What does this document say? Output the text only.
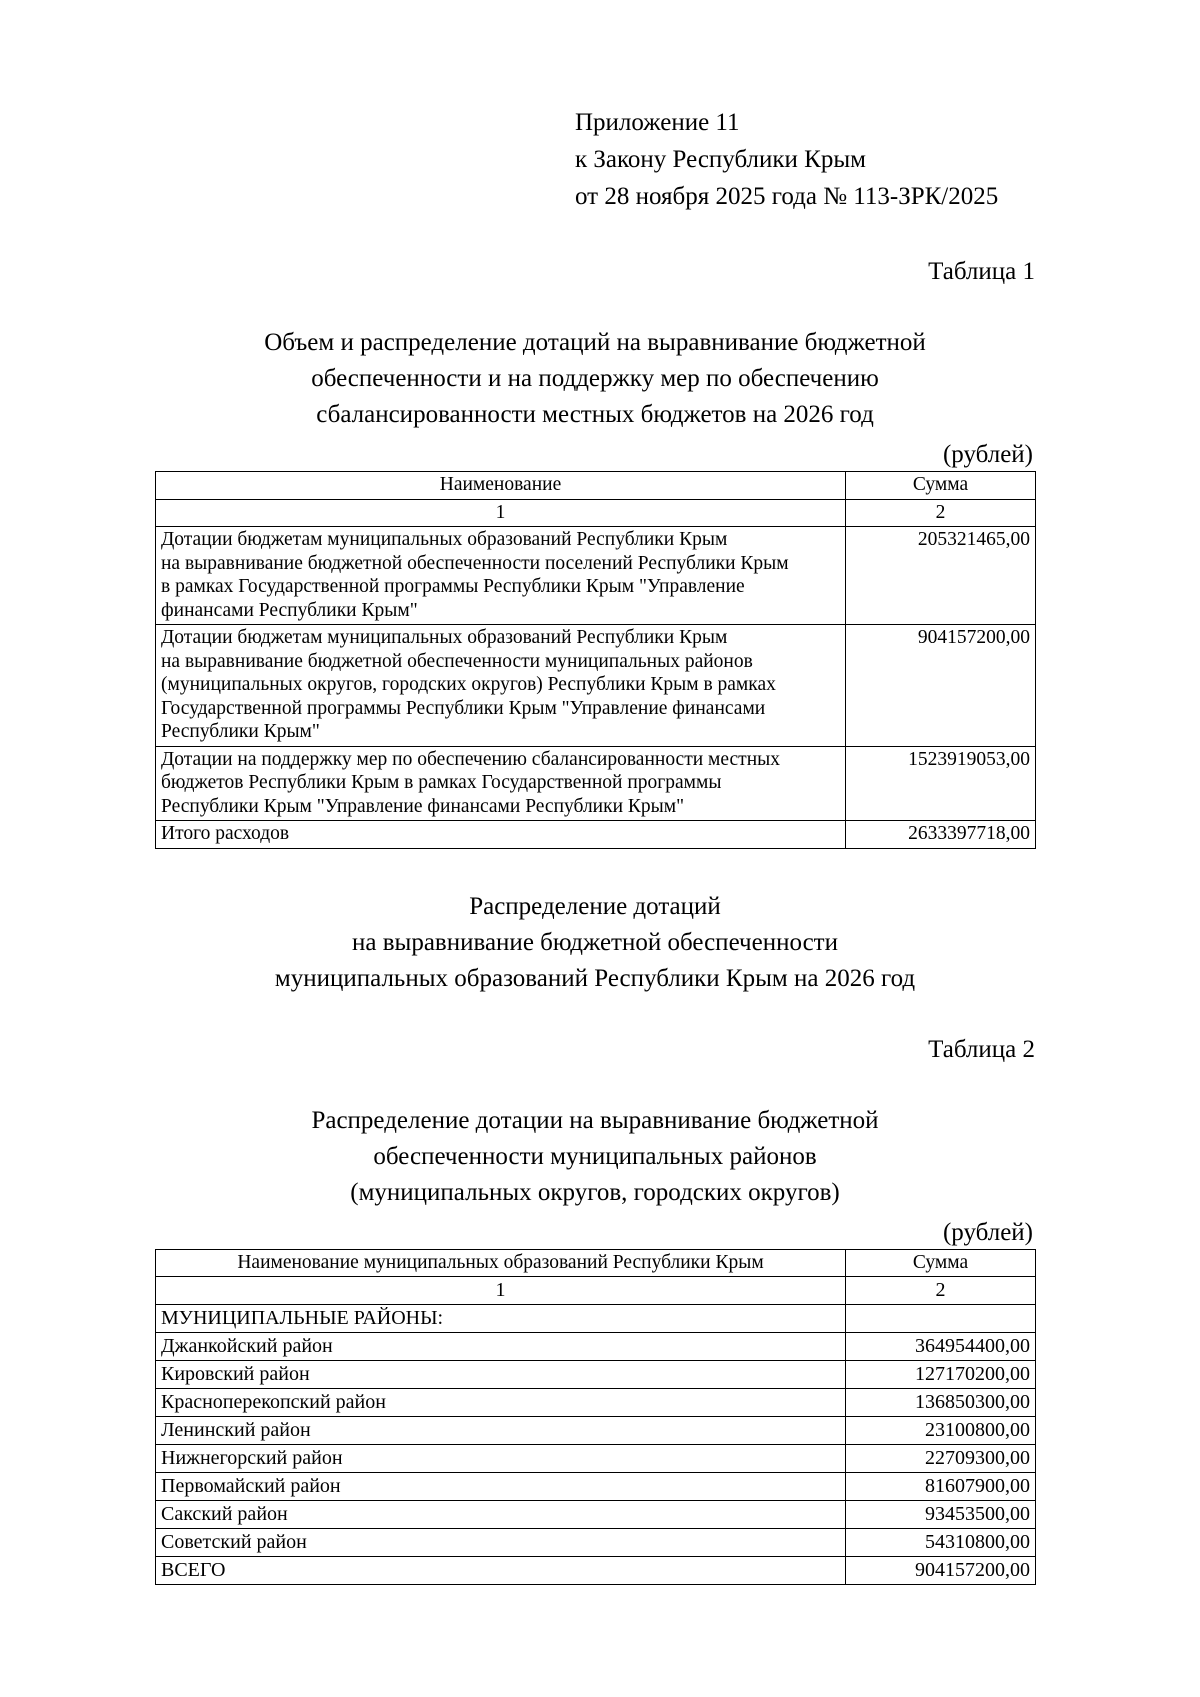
Приложение 11
к Закону Республики Крым
от 28 ноября 2025 года № 113-ЗРК/2025
Таблица 1
Объем и распределение дотаций на выравнивание бюджетной
обеспеченности и на поддержку мер по обеспечению
сбалансированности местных бюджетов на 2026 год
(рублей)
Наименование	Сумма
1	2
Дотации бюджетам муниципальных образований Республики Крым
на выравнивание бюджетной обеспеченности поселений Республики Крым
в рамках Государственной программы Республики Крым "Управление
финансами Республики Крым"	205321465,00
Дотации бюджетам муниципальных образований Республики Крым
на выравнивание бюджетной обеспеченности муниципальных районов
(муниципальных округов, городских округов) Республики Крым в рамках
Государственной программы Республики Крым "Управление финансами
Республики Крым"	904157200,00
Дотации на поддержку мер по обеспечению сбалансированности местных
бюджетов Республики Крым в рамках Государственной программы
Республики Крым "Управление финансами Республики Крым"	1523919053,00
Итого расходов	2633397718,00
Распределение дотаций
на выравнивание бюджетной обеспеченности
муниципальных образований Республики Крым на 2026 год
Таблица 2
Распределение дотации на выравнивание бюджетной
обеспеченности муниципальных районов
(муниципальных округов, городских округов)
(рублей)
Наименование муниципальных образований Республики Крым	Сумма
1	2
МУНИЦИПАЛЬНЫЕ РАЙОНЫ:	
Джанкойский район	364954400,00
Кировский район	127170200,00
Красноперекопский район	136850300,00
Ленинский район	23100800,00
Нижнегорский район	22709300,00
Первомайский район	81607900,00
Сакский район	93453500,00
Советский район	54310800,00
ВСЕГО	904157200,00
